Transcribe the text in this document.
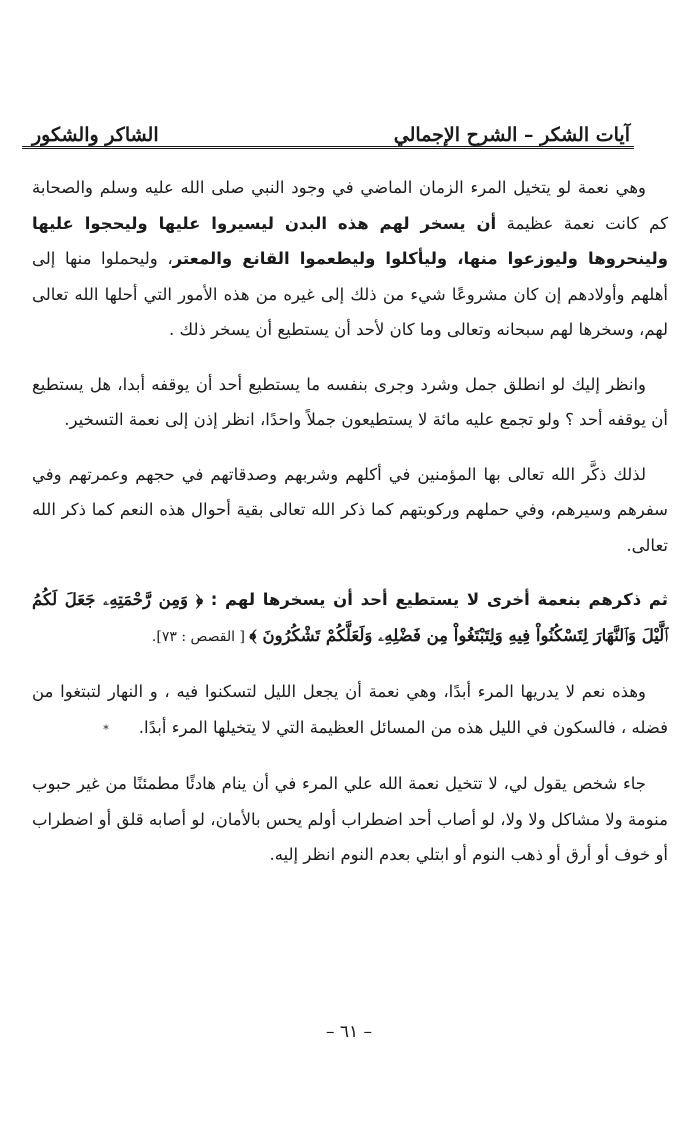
آيات الشكر – الشرح الإجمالي
الشاكر والشكور

وهي نعمة لو يتخيل المرء الزمان الماضي في وجود النبي صلى الله عليه وسلم والصحابة كم كانت نعمة عظيمة أن يسخر لهم هذه البدن ليسيروا عليها وليحجوا عليها ولينحروها وليوزعوا منها، وليأكلوا وليطعموا القانع والمعتر، وليحملوا منها إلى أهلهم وأولادهم إن كان مشروعًا شيء من ذلك إلى غيره من هذه الأمور التي أحلها الله تعالى لهم، وسخرها لهم سبحانه وتعالى وما كان لأحد أن يستطيع أن يسخر ذلك .

وانظر إليك لو انطلق جمل وشرد وجرى بنفسه ما يستطيع أحد أن يوقفه أبدا، هل يستطيع أن يوقفه أحد ؟ ولو تجمع عليه مائة لا يستطيعون جملاً واحدًا، انظر إذن إلى نعمة التسخير.

لذلك ذكَّر الله تعالى بها المؤمنين في أكلهم وشربهم وصدقاتهم في حجهم وعمرتهم وفي سفرهم وسيرهم، وفي حملهم وركوبتهم كما ذكر الله تعالى بقية أحوال هذه النعم كما ذكر الله تعالى.

ثم ذكرهم بنعمة أخرى لا يستطيع أحد أن يسخرها لهم : ﴿ وَمِن رَّحْمَتِهِۦ جَعَلَ لَكُمُ ٱلَّيْلَ وَٱلنَّهَارَ لِتَسْكُنُواْ فِيهِ وَلِتَبْتَغُواْ مِن فَضْلِهِۦ وَلَعَلَّكُمْ تَشْكُرُونَ ﴾ [ القصص : ٧٣].

وهذه نعم لا يدريها المرء أبدًا، وهي نعمة أن يجعل الليل لتسكنوا فيه ، و النهار لتبتغوا من فضله ، فالسكون في الليل هذه من المسائل العظيمة التي لا يتخيلها المرء أبدًا.*

جاء شخص يقول لي، لا تتخيل نعمة الله علي المرء في أن ينام هادئًا مطمئنًا من غير حبوب منومة ولا مشاكل ولا ولا، لو أصاب أحد اضطراب أولم يحس بالأمان، لو أصابه قلق أو اضطراب أو خوف أو أرق أو ذهب النوم أو ابتلي بعدم النوم انظر إليه.

– ٦١ –
